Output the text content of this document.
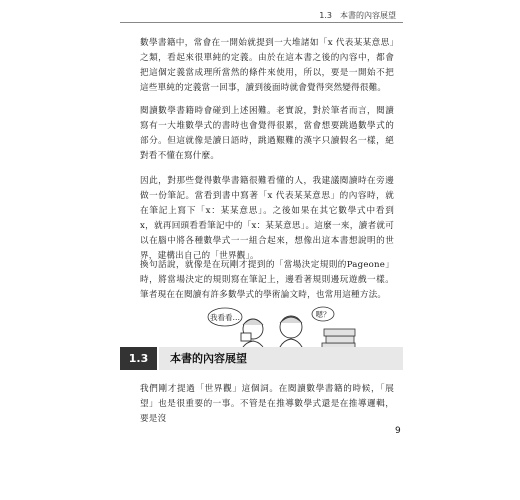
1.3　本書的內容展望

數學書籍中，常會在一開始就提到一大堆諸如「x 代表某某意思」之類，看起來很單純的定義。由於在這本書之後的內容中，都會把這個定義當成理所當然的條件來使用，所以，要是一開始不把這些單純的定義當一回事，讀到後面時就會覺得突然變得很難。

閱讀數學書籍時會碰到上述困難。老實說，對於筆者而言，閱讀寫有一大堆數學式的書時也會覺得很累，當會想要跳過數學式的部分。但這就像是讀日語時，跳過艱難的漢字只讀假名一樣，絕對看不懂在寫什麼。

因此，對那些覺得數學書籍很難看懂的人，我建議閱讀時在旁邊做一份筆記。當看到書中寫著「x 代表某某意思」的內容時，就在筆記上寫下「x：某某意思」。之後如果在其它數學式中看到 x，就再回頭看看筆記中的「x：某某意思」。這麼一來，讀者就可以在腦中將各種數學式一一組合起來，想像出這本書想說明的世界，建構出自己的「世界觀」。

換句話說，就像是在玩剛才提到的「當場決定規則的Pageone」時，將當場決定的規則寫在筆記上，邊看著規則邊玩遊戲一樣。筆者現在在閱讀有許多數學式的學術論文時，也常用這種方法。

我看看…	嗯？
1.3	本書的內容展望

我們剛才提過「世界觀」這個詞。在閱讀數學書籍的時候，「展望」也是很重要的一事。不管是在推導數學式還是在推導邏輯，要是沒

9
